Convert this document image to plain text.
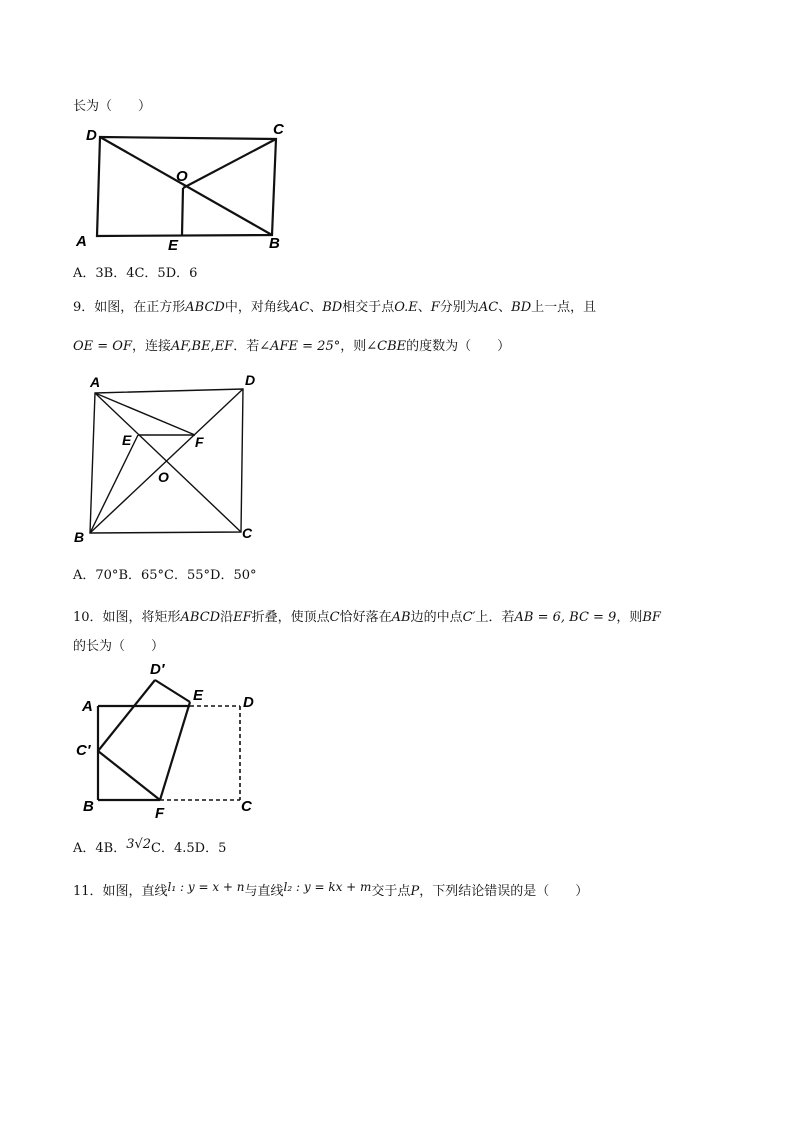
长为（　　）
D	C
A	B
O
E
A．3B．4C．5D．6
9．如图，在正方形ABCD中，对角线AC、BD相交于点O.E、F分别为AC、BD上一点，且
OE = OF，连接AF,BE,EF．若∠AFE = 25°，则∠CBE的度数为（　　）
A	D
E	F
O
B	C
A．70°B．65°C．55°D．50°
10．如图，将矩形ABCD沿EF折叠，使顶点C恰好落在AB边的中点C′上．若AB = 6, BC = 9，则BF
的长为（　　）
D′
E	D
A
C′
B	F	C
A．4B．3√2C．4.5D．5
11．如图，直线l₁ : y = x + n与直线l₂ : y = kx + m交于点P，下列结论错误的是（　　）
